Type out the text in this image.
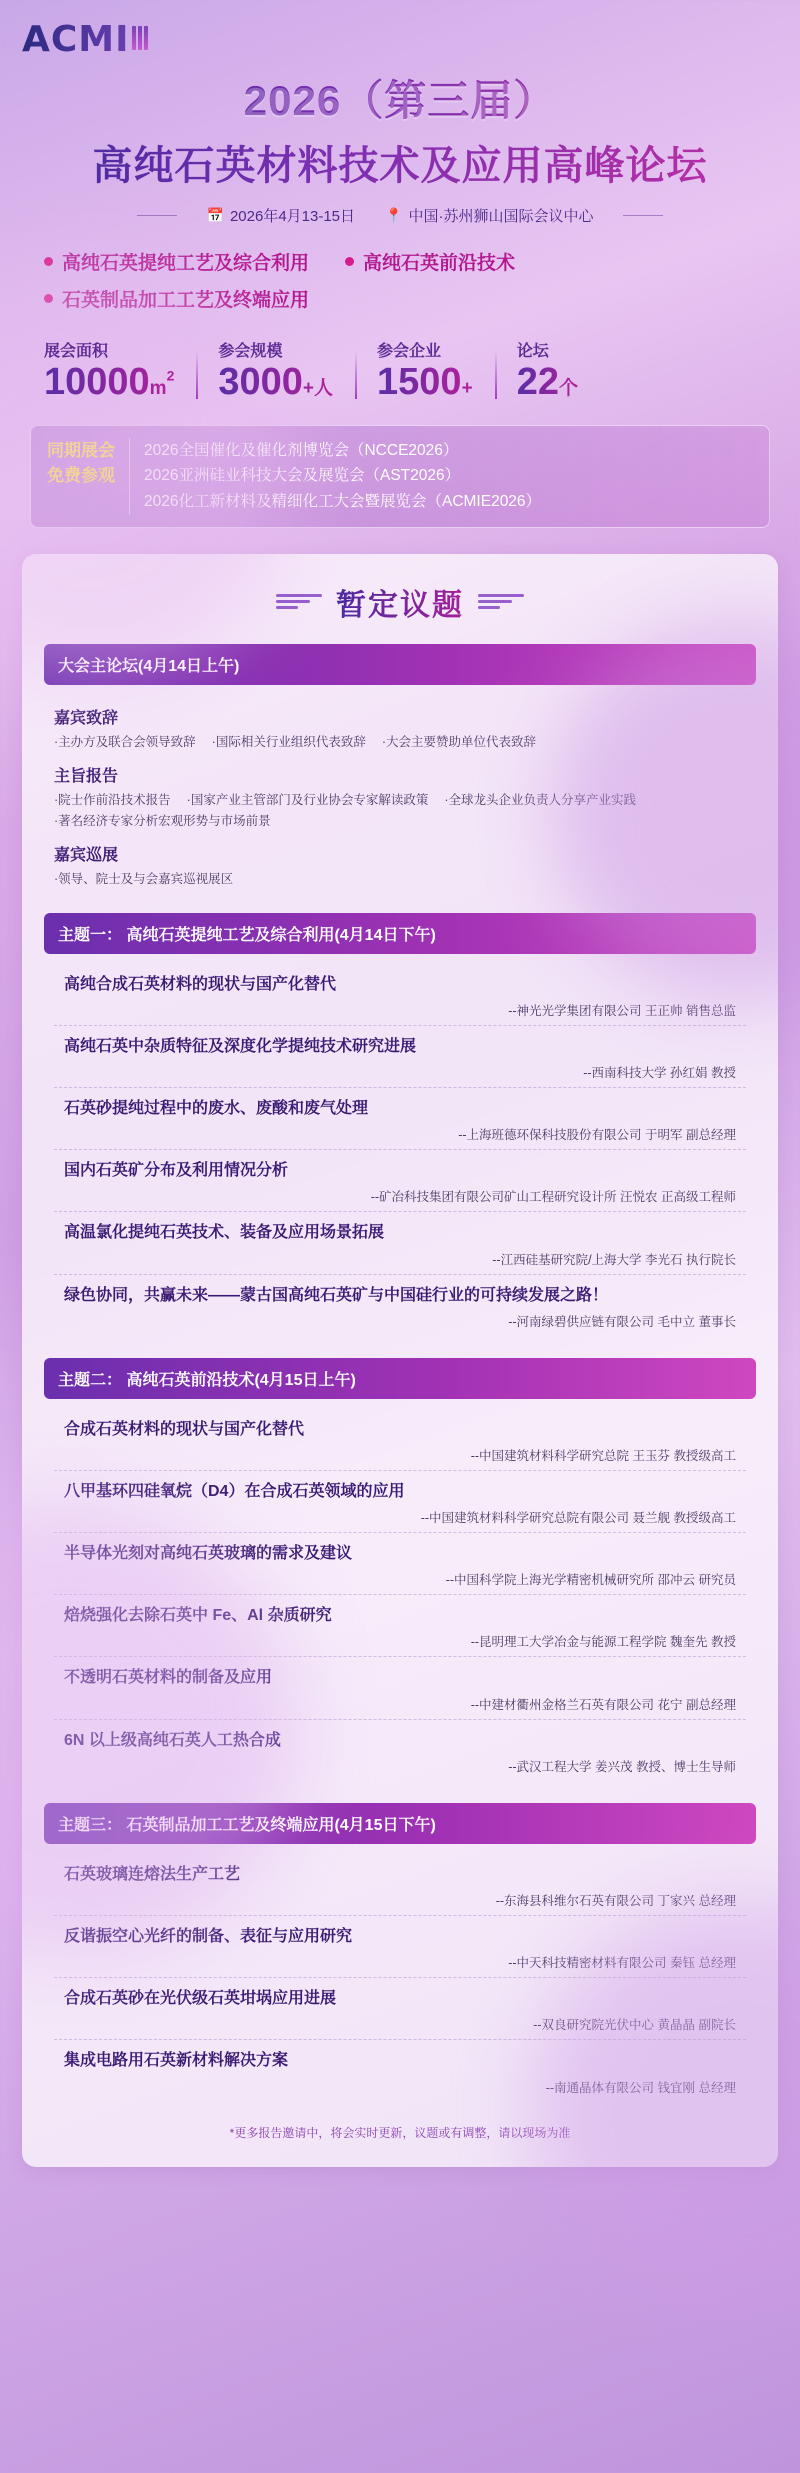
ACMI
2026（第三届）
高纯石英材料技术及应用高峰论坛
📅 2026年4月13-15日 📍 中国·苏州狮山国际会议中心
高纯石英提纯工艺及综合利用	高纯石英前沿技术
石英制品加工工艺及终端应用
展会面积
$10000m^2$
参会规模
3000+人
参会企业
1500+
论坛
22个
同期展会
免费参观
2026全国催化及催化剂博览会（NCCE2026）
2026亚洲硅业科技大会及展览会（AST2026）
2026化工新材料及精细化工大会暨展览会（ACMIE2026）
暂定议题
大会主论坛(4月14日上午)
嘉宾致辞
·主办方及联合会领导致辞 ·国际相关行业组织代表致辞 ·大会主要赞助单位代表致辞
主旨报告
·院士作前沿技术报告 ·国家产业主管部门及行业协会专家解读政策 ·全球龙头企业负责人分享产业实践
·著名经济专家分析宏观形势与市场前景
嘉宾巡展
·领导、院士及与会嘉宾巡视展区
主题一： 高纯石英提纯工艺及综合利用(4月14日下午)
高纯合成石英材料的现状与国产化替代
--神光光学集团有限公司 王正帅 销售总监
高纯石英中杂质特征及深度化学提纯技术研究进展
--西南科技大学 孙红娟 教授
石英砂提纯过程中的废水、废酸和废气处理
--上海班德环保科技股份有限公司 于明军 副总经理
国内石英矿分布及利用情况分析
--矿冶科技集团有限公司矿山工程研究设计所 汪悦农 正高级工程师
高温氯化提纯石英技术、装备及应用场景拓展
--江西硅基研究院/上海大学 李光石 执行院长
绿色协同，共赢未来——蒙古国高纯石英矿与中国硅行业的可持续发展之路！
--河南绿碧供应链有限公司 毛中立 董事长
主题二： 高纯石英前沿技术(4月15日上午)
合成石英材料的现状与国产化替代
--中国建筑材料科学研究总院 王玉芬 教授级高工
八甲基环四硅氧烷（D4）在合成石英领域的应用
--中国建筑材料科学研究总院有限公司 聂兰舰 教授级高工
半导体光刻对高纯石英玻璃的需求及建议
--中国科学院上海光学精密机械研究所 邵冲云 研究员
焙烧强化去除石英中 Fe、Al 杂质研究
--昆明理工大学冶金与能源工程学院 魏奎先 教授
不透明石英材料的制备及应用
--中建材衢州金格兰石英有限公司 花宁 副总经理
6N 以上级高纯石英人工热合成
--武汉工程大学 姜兴茂 教授、博士生导师
主题三： 石英制品加工工艺及终端应用(4月15日下午)
石英玻璃连熔法生产工艺
--东海县科维尔石英有限公司 丁家兴 总经理
反谐振空心光纤的制备、表征与应用研究
--中天科技精密材料有限公司 秦钰 总经理
合成石英砂在光伏级石英坩埚应用进展
--双良研究院光伏中心 黄晶晶 副院长
集成电路用石英新材料解决方案
--南通晶体有限公司 钱宜刚 总经理
*更多报告邀请中，将会实时更新，议题或有调整，请以现场为准
